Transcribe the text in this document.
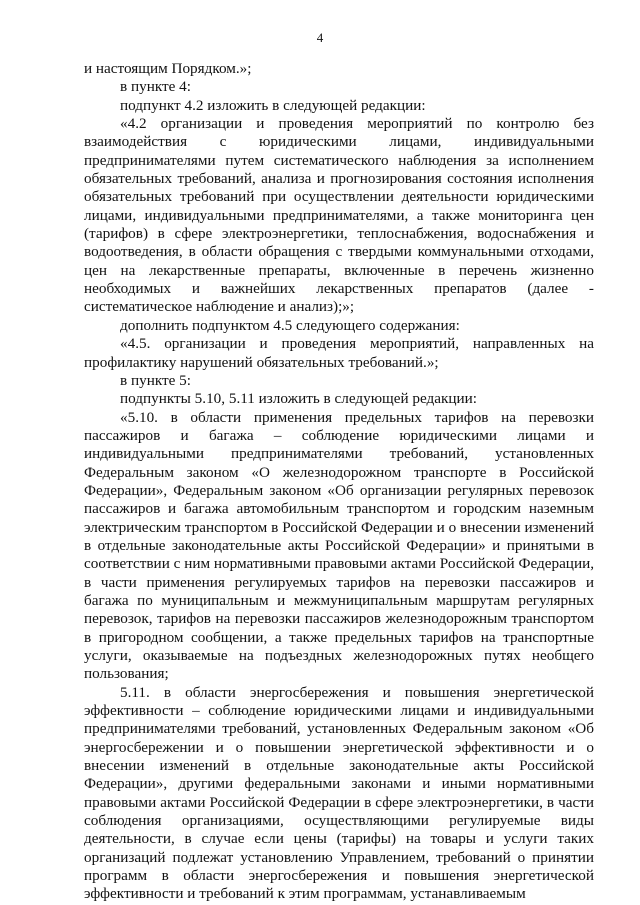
4

и настоящим Порядком.»;

в пункте 4:

подпункт 4.2 изложить в следующей редакции:

«4.2 организации и проведения мероприятий по контролю без взаимодействия с юридическими лицами, индивидуальными предпринимателями путем систематического наблюдения за исполнением обязательных требований, анализа и прогнозирования состояния исполнения обязательных требований при осуществлении деятельности юридическими лицами, индивидуальными предпринимателями, а также мониторинга цен (тарифов) в сфере электроэнергетики, теплоснабжения, водоснабжения и водоотведения, в области обращения с твердыми коммунальными отходами, цен на лекарственные препараты, включенные в перечень жизненно необходимых и важнейших лекарственных препаратов (далее - систематическое наблюдение и анализ);»;

дополнить подпунктом 4.5 следующего содержания:

«4.5. организации и проведения мероприятий, направленных на профилактику нарушений обязательных требований.»;

в пункте 5:

подпункты 5.10, 5.11 изложить в следующей редакции:

«5.10. в области применения предельных тарифов на перевозки пассажиров и багажа – соблюдение юридическими лицами и индивидуальными предпринимателями требований, установленных Федеральным законом «О железнодорожном транспорте в Российской Федерации», Федеральным законом «Об организации регулярных перевозок пассажиров и багажа автомобильным транспортом и городским наземным электрическим транспортом в Российской Федерации и о внесении изменений в отдельные законодательные акты Российской Федерации» и принятыми в соответствии с ним нормативными правовыми актами Российской Федерации, в части применения регулируемых тарифов на перевозки пассажиров и багажа по муниципальным и межмуниципальным маршрутам регулярных перевозок, тарифов на перевозки пассажиров железнодорожным транспортом в пригородном сообщении, а также предельных тарифов на транспортные услуги, оказываемые на подъездных железнодорожных путях необщего пользования;

5.11. в области энергосбережения и повышения энергетической эффективности – соблюдение юридическими лицами и индивидуальными предпринимателями требований, установленных Федеральным законом «Об энергосбережении и о повышении энергетической эффективности и о внесении изменений в отдельные законодательные акты Российской Федерации», другими федеральными законами и иными нормативными правовыми актами Российской Федерации в сфере электроэнергетики, в части соблюдения организациями, осуществляющими регулируемые виды деятельности, в случае если цены (тарифы) на товары и услуги таких организаций подлежат установлению Управлением, требований о принятии программ в области энергосбережения и повышения энергетической эффективности и требований к этим программам, устанавливаемым
